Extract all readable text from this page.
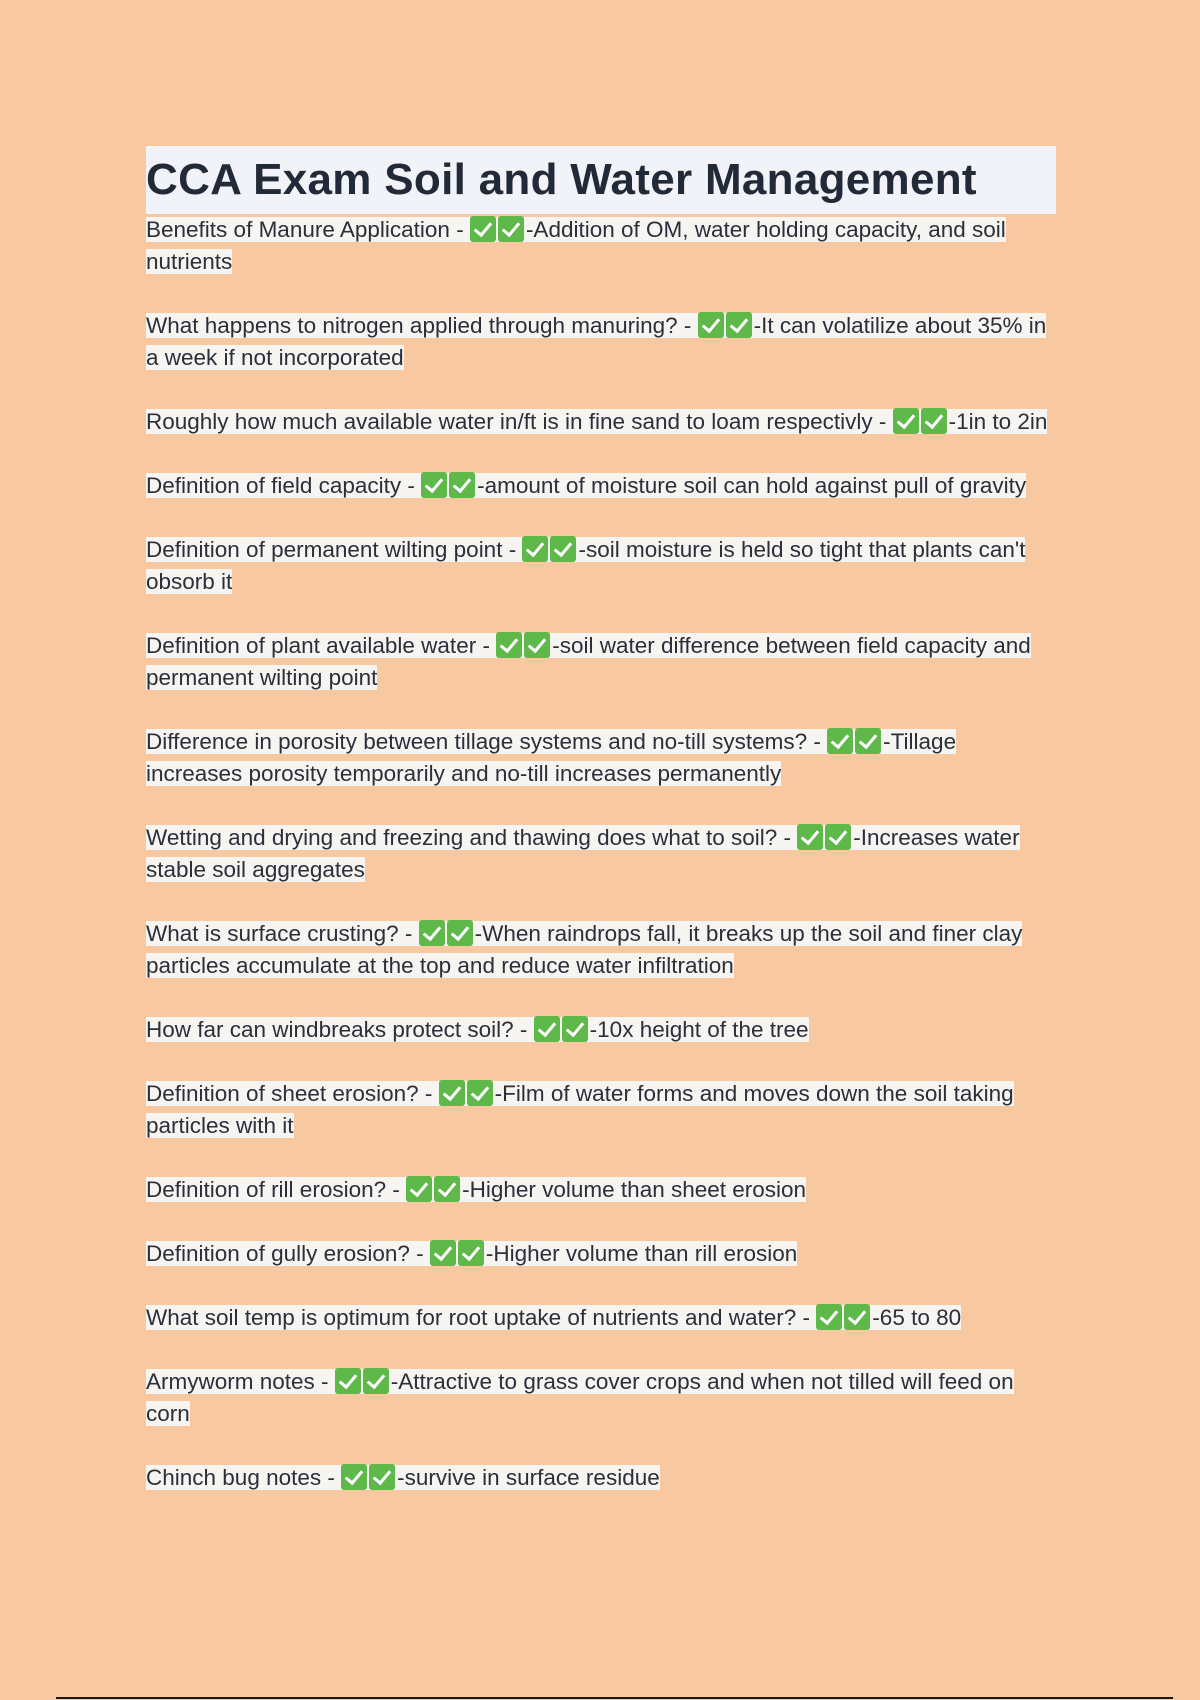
CCA Exam Soil and Water Management
Benefits of Manure Application - -Addition of OM, water holding capacity, and soil nutrients
What happens to nitrogen applied through manuring? - -It can volatilize about 35% in a week if not incorporated
Roughly how much available water in/ft is in fine sand to loam respectivly - -1in to 2in
Definition of field capacity - -amount of moisture soil can hold against pull of gravity
Definition of permanent wilting point - -soil moisture is held so tight that plants can't obsorb it
Definition of plant available water - -soil water difference between field capacity and permanent wilting point
Difference in porosity between tillage systems and no-till systems? - -Tillage increases porosity temporarily and no-till increases permanently
Wetting and drying and freezing and thawing does what to soil? - -Increases water stable soil aggregates
What is surface crusting? - -When raindrops fall, it breaks up the soil and finer clay particles accumulate at the top and reduce water infiltration
How far can windbreaks protect soil? - -10x height of the tree
Definition of sheet erosion? - -Film of water forms and moves down the soil taking particles with it
Definition of rill erosion? - -Higher volume than sheet erosion
Definition of gully erosion? - -Higher volume than rill erosion
What soil temp is optimum for root uptake of nutrients and water? - -65 to 80
Armyworm notes - -Attractive to grass cover crops and when not tilled will feed on corn
Chinch bug notes - -survive in surface residue
